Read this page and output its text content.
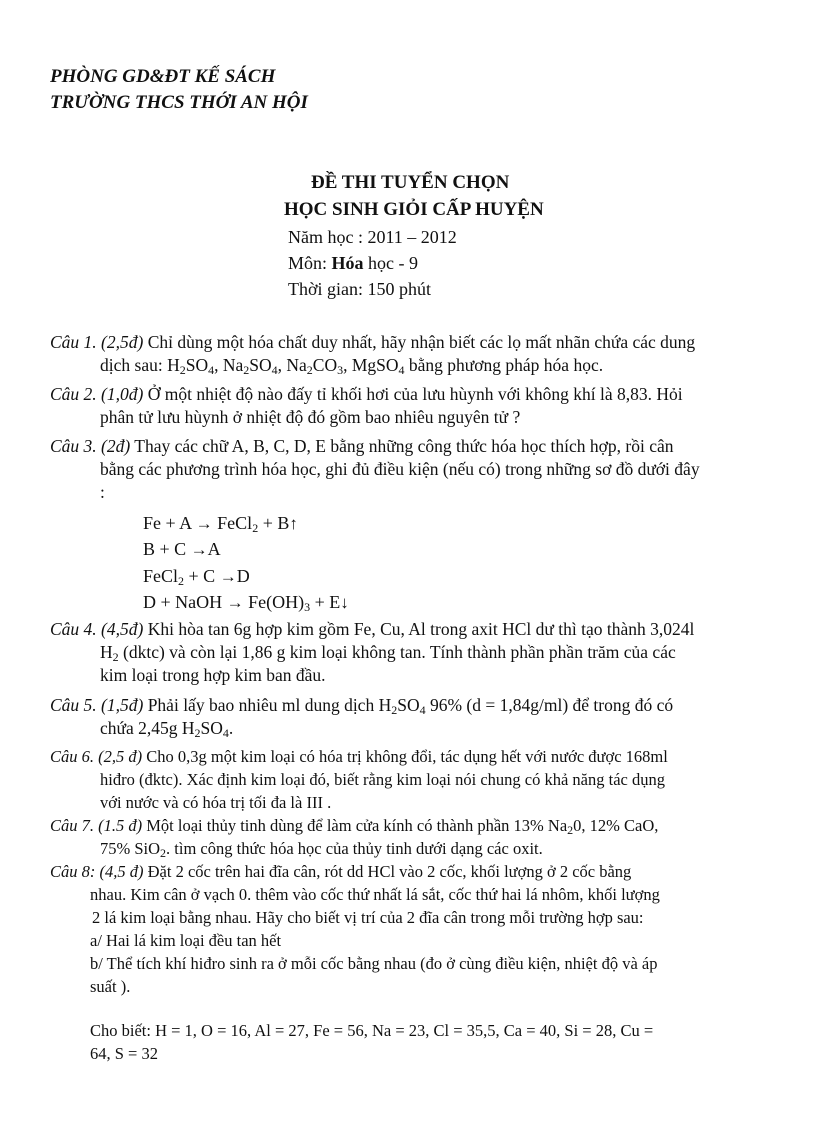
PHÒNG GD&ĐT KẾ SÁCH
TRƯỜNG THCS THỚI AN HỘI
ĐỀ THI TUYỂN CHỌN
HỌC SINH GIỎI CẤP HUYỆN
Năm học : 2011 – 2012
Môn: Hóa học - 9
Thời gian: 150 phút
Câu 1. (2,5đ) Chỉ dùng một hóa chất duy nhất, hãy nhận biết các lọ mất nhãn chứa các dung
dịch sau: $H_2SO_4$, $Na_2SO_4$, $Na_2CO_3$, MgSO$_4$ bằng phương pháp hóa học.
Câu 2. (1,0đ) Ở một nhiệt độ nào đấy tỉ khối hơi của lưu hùynh với không khí là 8,83. Hỏi
phân tử lưu hùynh ở nhiệt độ đó gồm bao nhiêu nguyên tử ?
Câu 3. (2đ) Thay các chữ A, B, C, D, E bằng những công thức hóa học thích hợp, rồi cân
bằng các phương trình hóa học, ghi đủ điều kiện (nếu có) trong những sơ đồ dưới đây
:
Fe + A → FeCl$_2$ + B↑
B + C →A
FeCl$_2$ + C →D
D + NaOH → $Fe(OH)_3$ + E↓
Câu 4. (4,5đ) Khi hòa tan 6g hợp kim gồm Fe, Cu, Al trong axit HCl dư thì tạo thành 3,024l
$H_2$ (dktc) và còn lại 1,86 g kim loại không tan. Tính thành phần phần trăm của các
kim loại trong hợp kim ban đầu.
Câu 5. (1,5đ) Phải lấy bao nhiêu ml dung dịch $H_2SO_4$ 96% (d = 1,84g/ml) để trong đó có
chứa 2,45g $H_2SO_4$.
Câu 6. (2,5 đ) Cho 0,3g một kim loại có hóa trị không đổi, tác dụng hết với nước được 168ml
hiđro (đktc). Xác định kim loại đó, biết rằng kim loại nói chung có khả năng tác dụng
với nước và có hóa trị tối đa là III .
Câu 7. (1.5 đ) Một loại thủy tinh dùng để làm cửa kính có thành phần 13% $Na_20$, 12% CaO,
75% SiO$_2$. tìm công thức hóa học của thủy tinh dưới dạng các oxit.
Câu 8: (4,5 đ) Đặt 2 cốc trên hai đĩa cân, rót dd HCl vào 2 cốc, khối lượng ở 2 cốc bằng
nhau. Kim cân ở vạch 0. thêm vào cốc thứ nhất lá sắt, cốc thứ hai lá nhôm, khối lượng
2 lá kim loại bằng nhau. Hãy cho biết vị trí của 2 đĩa cân trong mỗi trường hợp sau:
a/ Hai lá kim loại đều tan hết
b/ Thể tích khí hiđro sinh ra ở mỗi cốc bằng nhau (đo ở cùng điều kiện, nhiệt độ và áp
suất ).
Cho biết: H = 1, O = 16, Al = 27, Fe = 56, Na = 23, Cl = 35,5, Ca = 40, Si = 28, Cu =
64, S = 32
